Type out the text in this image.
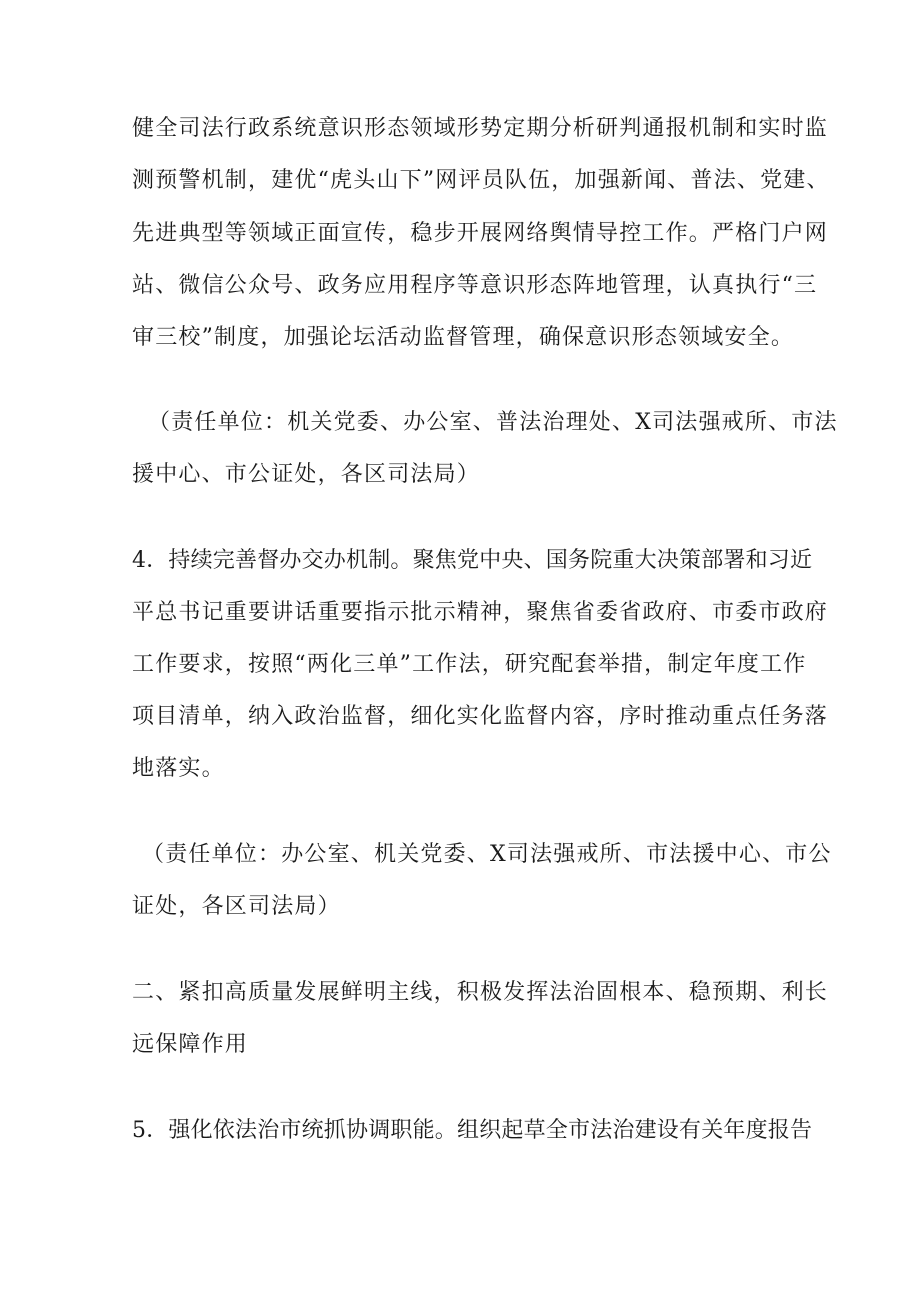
健全司法行政系统意识形态领域形势定期分析研判通报机制和实时监
测预警机制，建优“虎头山下”网评员队伍，加强新闻、普法、党建、
先进典型等领域正面宣传，稳步开展网络舆情导控工作。严格门户网
站、微信公众号、政务应用程序等意识形态阵地管理，认真执行“三
审三校”制度，加强论坛活动监督管理，确保意识形态领域安全。
（责任单位：机关党委、办公室、普法治理处、X司法强戒所、市法
援中心、市公证处，各区司法局）
4．持续完善督办交办机制。聚焦党中央、国务院重大决策部署和习近
平总书记重要讲话重要指示批示精神，聚焦省委省政府、市委市政府
工作要求，按照“两化三单”工作法，研究配套举措，制定年度工作
项目清单，纳入政治监督，细化实化监督内容，序时推动重点任务落
地落实。
（责任单位：办公室、机关党委、X司法强戒所、市法援中心、市公
证处，各区司法局）
二、紧扣高质量发展鲜明主线，积极发挥法治固根本、稳预期、利长
远保障作用
5．强化依法治市统抓协调职能。组织起草全市法治建设有关年度报告
